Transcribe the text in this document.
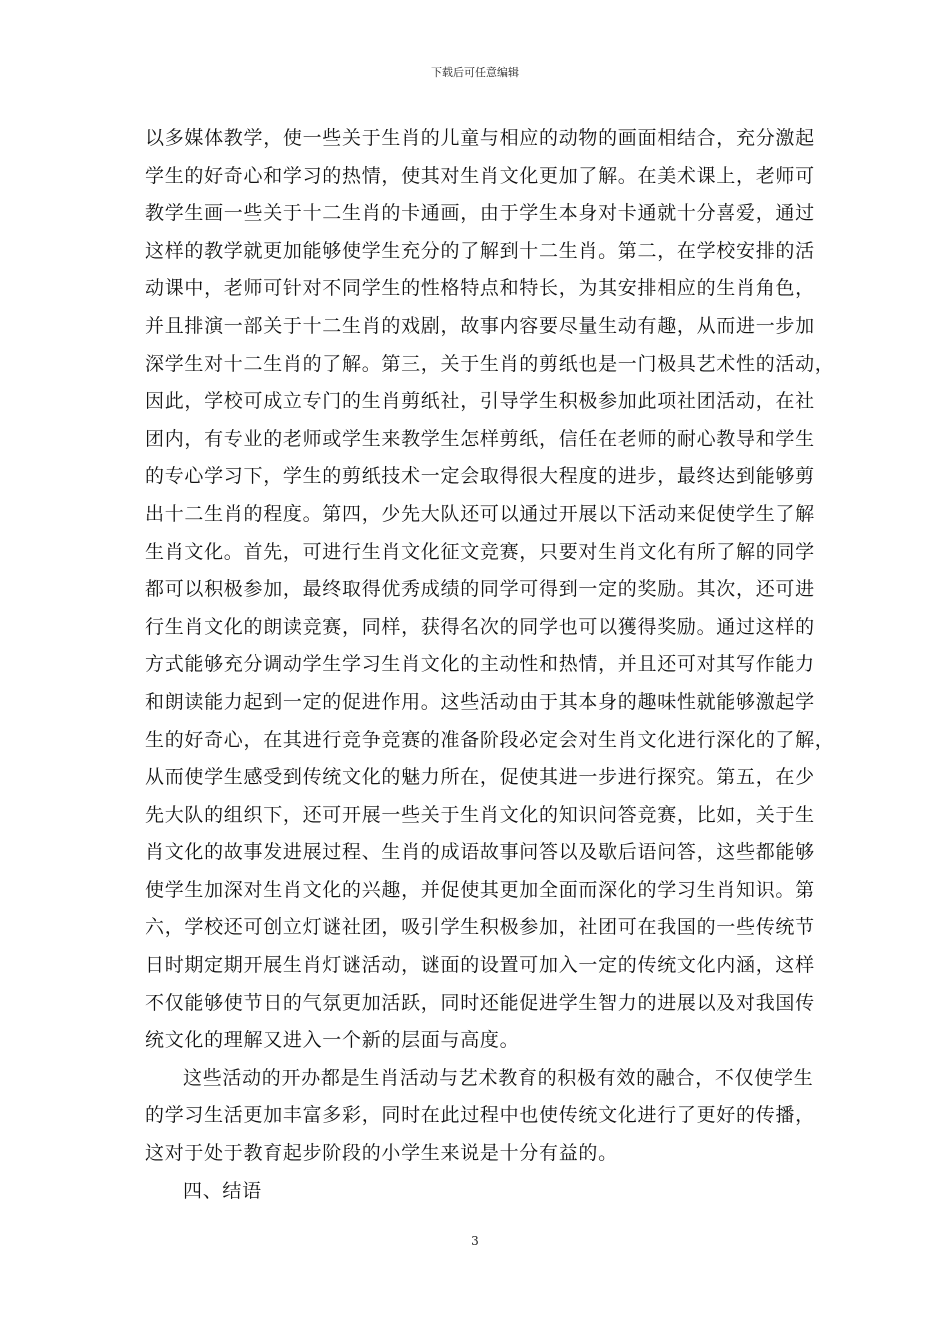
下载后可任意编辑
以多媒体教学，使一些关于生肖的儿童与相应的动物的画面相结合，充分激起
学生的好奇心和学习的热情，使其对生肖文化更加了解。在美术课上，老师可
教学生画一些关于十二生肖的卡通画，由于学生本身对卡通就十分喜爱，通过
这样的教学就更加能够使学生充分的了解到十二生肖。第二，在学校安排的活
动课中，老师可针对不同学生的性格特点和特长，为其安排相应的生肖角色，
并且排演一部关于十二生肖的戏剧，故事内容要尽量生动有趣，从而进一步加
深学生对十二生肖的了解。第三，关于生肖的剪纸也是一门极具艺术性的活动，
因此，学校可成立专门的生肖剪纸社，引导学生积极参加此项社团活动，在社
团内，有专业的老师或学生来教学生怎样剪纸，信任在老师的耐心教导和学生
的专心学习下，学生的剪纸技术一定会取得很大程度的进步，最终达到能够剪
出十二生肖的程度。第四，少先大队还可以通过开展以下活动来促使学生了解
生肖文化。首先，可进行生肖文化征文竞赛，只要对生肖文化有所了解的同学
都可以积极参加，最终取得优秀成绩的同学可得到一定的奖励。其次，还可进
行生肖文化的朗读竞赛，同样，获得名次的同学也可以獲得奖励。通过这样的
方式能够充分调动学生学习生肖文化的主动性和热情，并且还可对其写作能力
和朗读能力起到一定的促进作用。这些活动由于其本身的趣味性就能够激起学
生的好奇心，在其进行竞争竞赛的准备阶段必定会对生肖文化进行深化的了解，
从而使学生感受到传统文化的魅力所在，促使其进一步进行探究。第五，在少
先大队的组织下，还可开展一些关于生肖文化的知识问答竞赛，比如，关于生
肖文化的故事发进展过程、生肖的成语故事问答以及歇后语问答，这些都能够
使学生加深对生肖文化的兴趣，并促使其更加全面而深化的学习生肖知识。第
六，学校还可创立灯谜社团，吸引学生积极参加，社团可在我国的一些传统节
日时期定期开展生肖灯谜活动，谜面的设置可加入一定的传统文化内涵，这样
不仅能够使节日的气氛更加活跃，同时还能促进学生智力的进展以及对我国传
统文化的理解又进入一个新的层面与高度。
这些活动的开办都是生肖活动与艺术教育的积极有效的融合，不仅使学生
的学习生活更加丰富多彩，同时在此过程中也使传统文化进行了更好的传播，
这对于处于教育起步阶段的小学生来说是十分有益的。
四、结语
3
